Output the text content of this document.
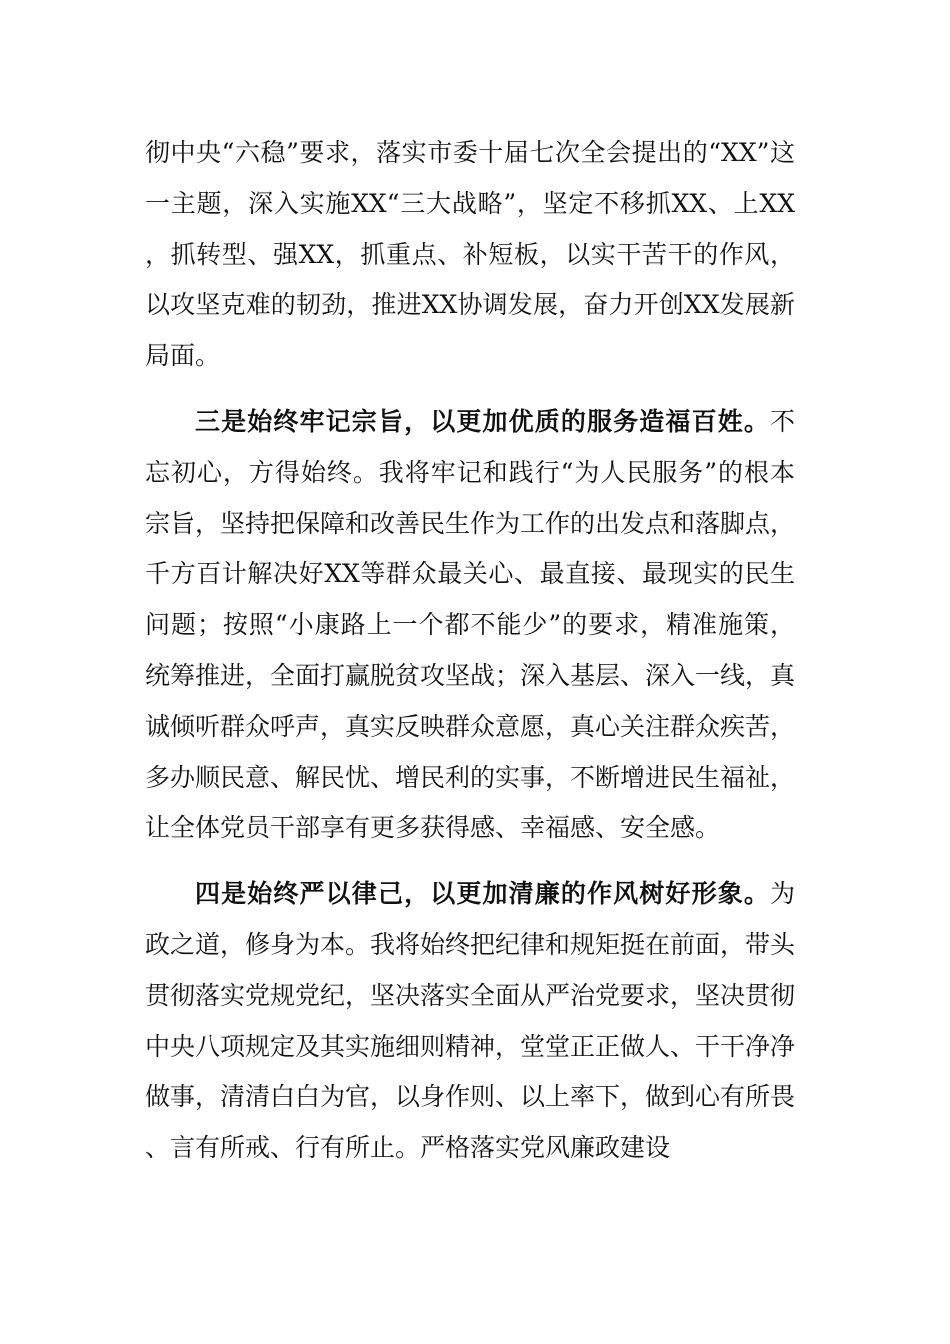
彻中央“六稳”要求，落实市委十届七次全会提出的“XX”这一主题，深入实施XX“三大战略”，坚定不移抓XX、上XX，抓转型、强XX，抓重点、补短板，以实干苦干的作风，以攻坚克难的韧劲，推进XX协调发展，奋力开创XX发展新局面。

三是始终牢记宗旨，以更加优质的服务造福百姓。不忘初心，方得始终。我将牢记和践行“为人民服务”的根本宗旨，坚持把保障和改善民生作为工作的出发点和落脚点，千方百计解决好XX等群众最关心、最直接、最现实的民生问题；按照“小康路上一个都不能少”的要求，精准施策，统筹推进，全面打赢脱贫攻坚战；深入基层、深入一线，真诚倾听群众呼声，真实反映群众意愿，真心关注群众疾苦，多办顺民意、解民忧、增民利的实事，不断增进民生福祉，让全体党员干部享有更多获得感、幸福感、安全感。

四是始终严以律己，以更加清廉的作风树好形象。为政之道，修身为本。我将始终把纪律和规矩挺在前面，带头贯彻落实党规党纪，坚决落实全面从严治党要求，坚决贯彻中央八项规定及其实施细则精神，堂堂正正做人、干干净净做事，清清白白为官，以身作则、以上率下，做到心有所畏、言有所戒、行有所止。严格落实党风廉政建设
